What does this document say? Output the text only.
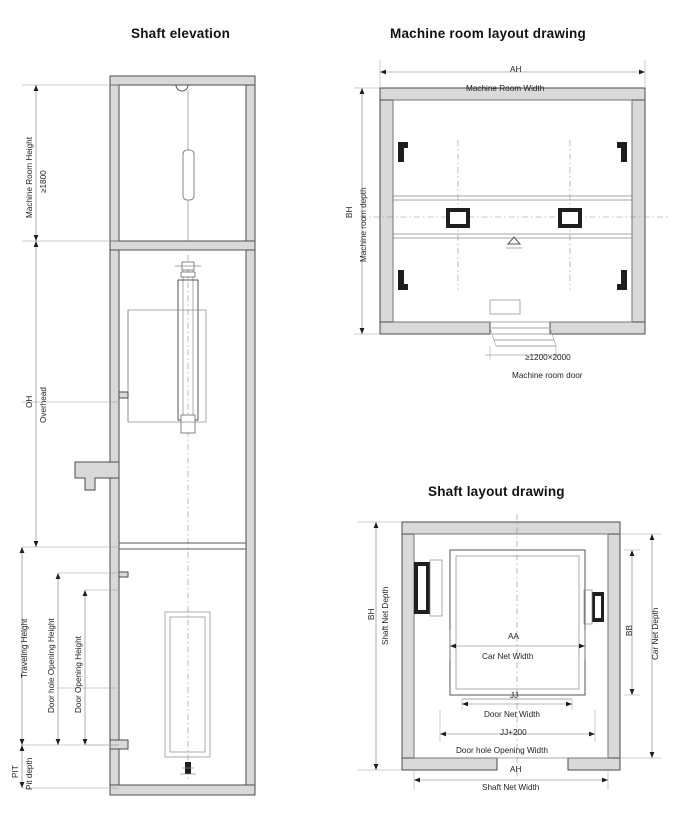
Shaft elevation	Machine room layout drawing
Shaft layout drawing
Machine Room Height ≥1800
OH Overhead
Traveling Height Door hole Opening Height Door Opening Height
PIT Pit depth
AH
Machine Room Width
BH Machine room depth
≥1200×2000
Machine room door
BH Shaft Net Depth	BB Car Net Depth
AA
Car Net Width
JJ
Door Net Width
JJ+200
Door hole Opening Width
AH
Shaft Net Width
